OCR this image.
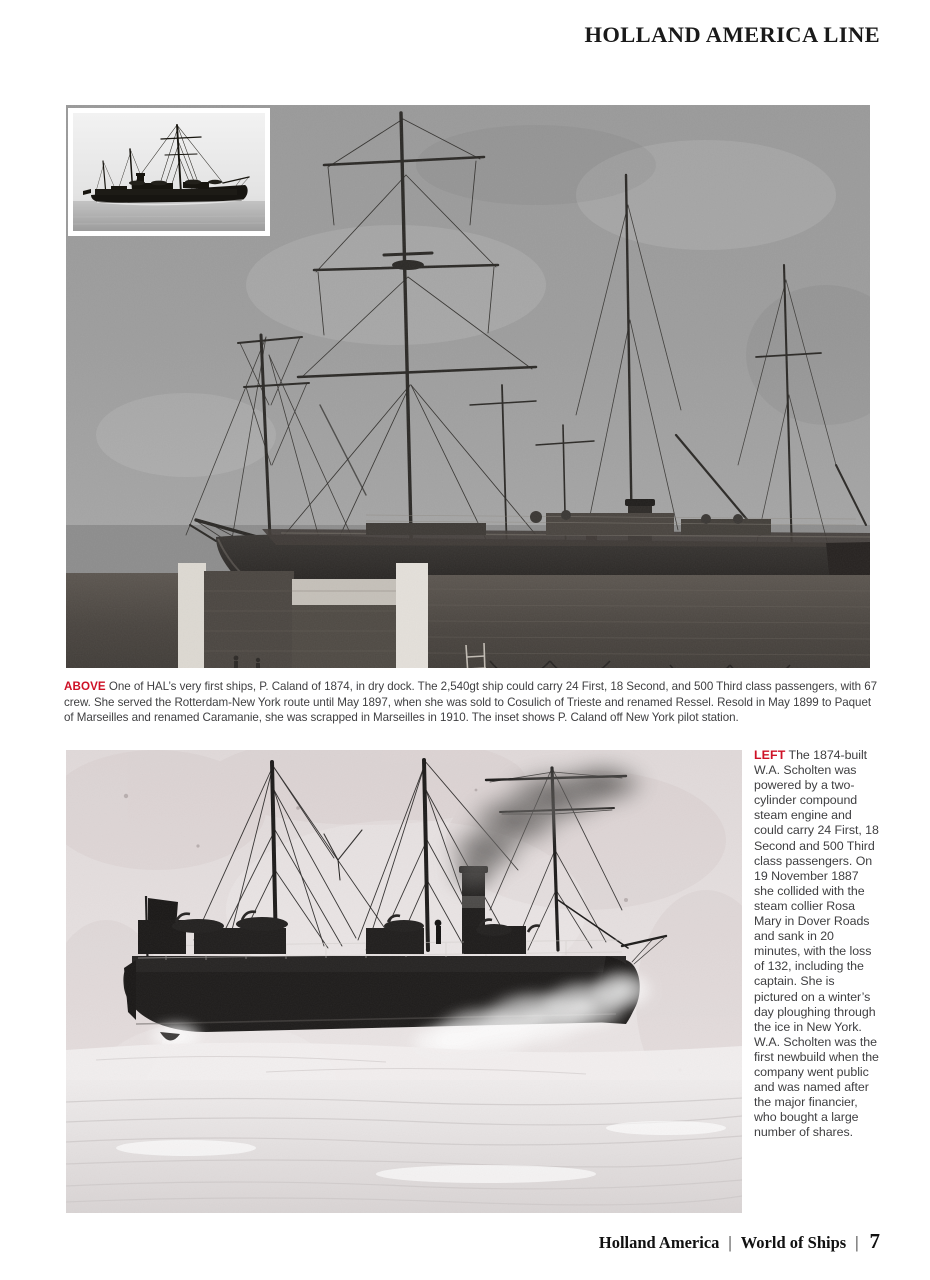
HOLLAND AMERICA LINE
ABOVE One of HAL’s very first ships, P. Caland of 1874, in dry dock. The 2,540gt ship could carry 24 First, 18 Second, and 500 Third class passengers, with 67 crew. She served the Rotterdam-New York route until May 1897, when she was sold to Cosulich of Trieste and renamed Ressel. Resold in May 1899 to Paquet of Marseilles and renamed Caramanie, she was scrapped in Marseilles in 1910. The inset shows P. Caland off New York pilot station.
LEFT The 1874-built W.A. Scholten was powered by a two-cylinder compound steam engine and could carry 24 First, 18 Second and 500 Third class passengers. On 19 November 1887 she collided with the steam collier Rosa Mary in Dover Roads and sank in 20 minutes, with the loss of 132, including the captain. She is pictured on a winter’s day ploughing through the ice in New York. W.A. Scholten was the first newbuild when the company went public and was named after the major financier, who bought a large number of shares.
Holland America | World of Ships | 7
